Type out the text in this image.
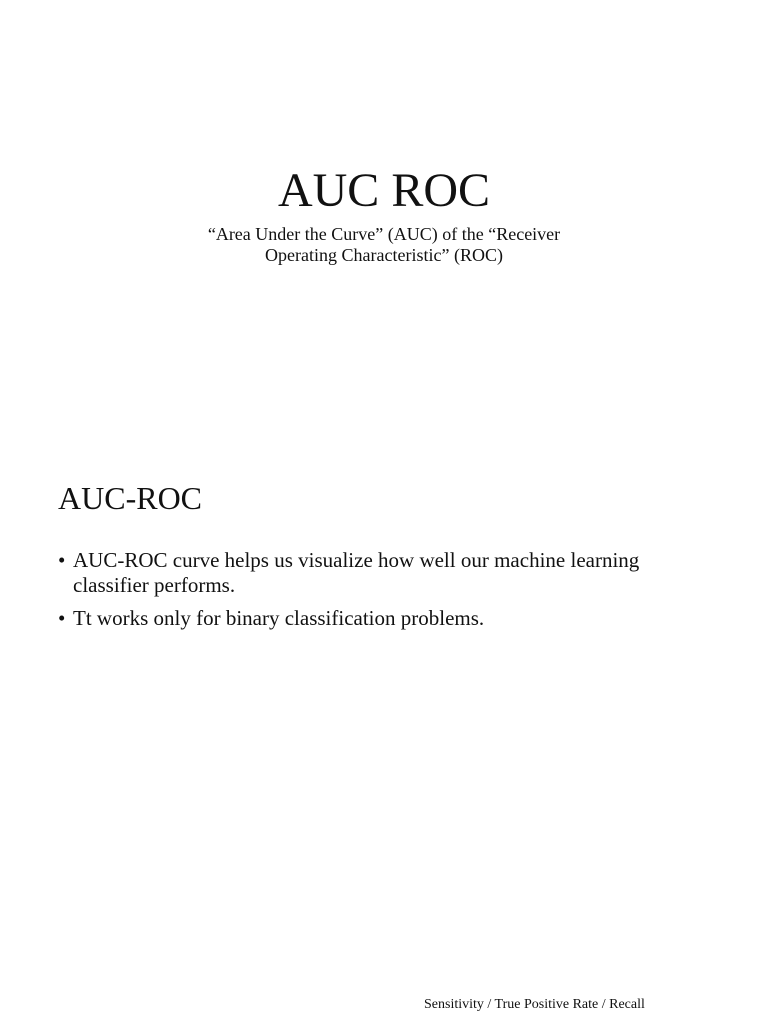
AUC ROC

“Area Under the Curve” (AUC) of the “Receiver
Operating Characteristic” (ROC)

AUC-ROC
• AUC-ROC curve helps us visualize how well our machine learning classifier performs.
• Tt works only for binary classification problems.
Sensitivity / True Positive Rate / Recall
